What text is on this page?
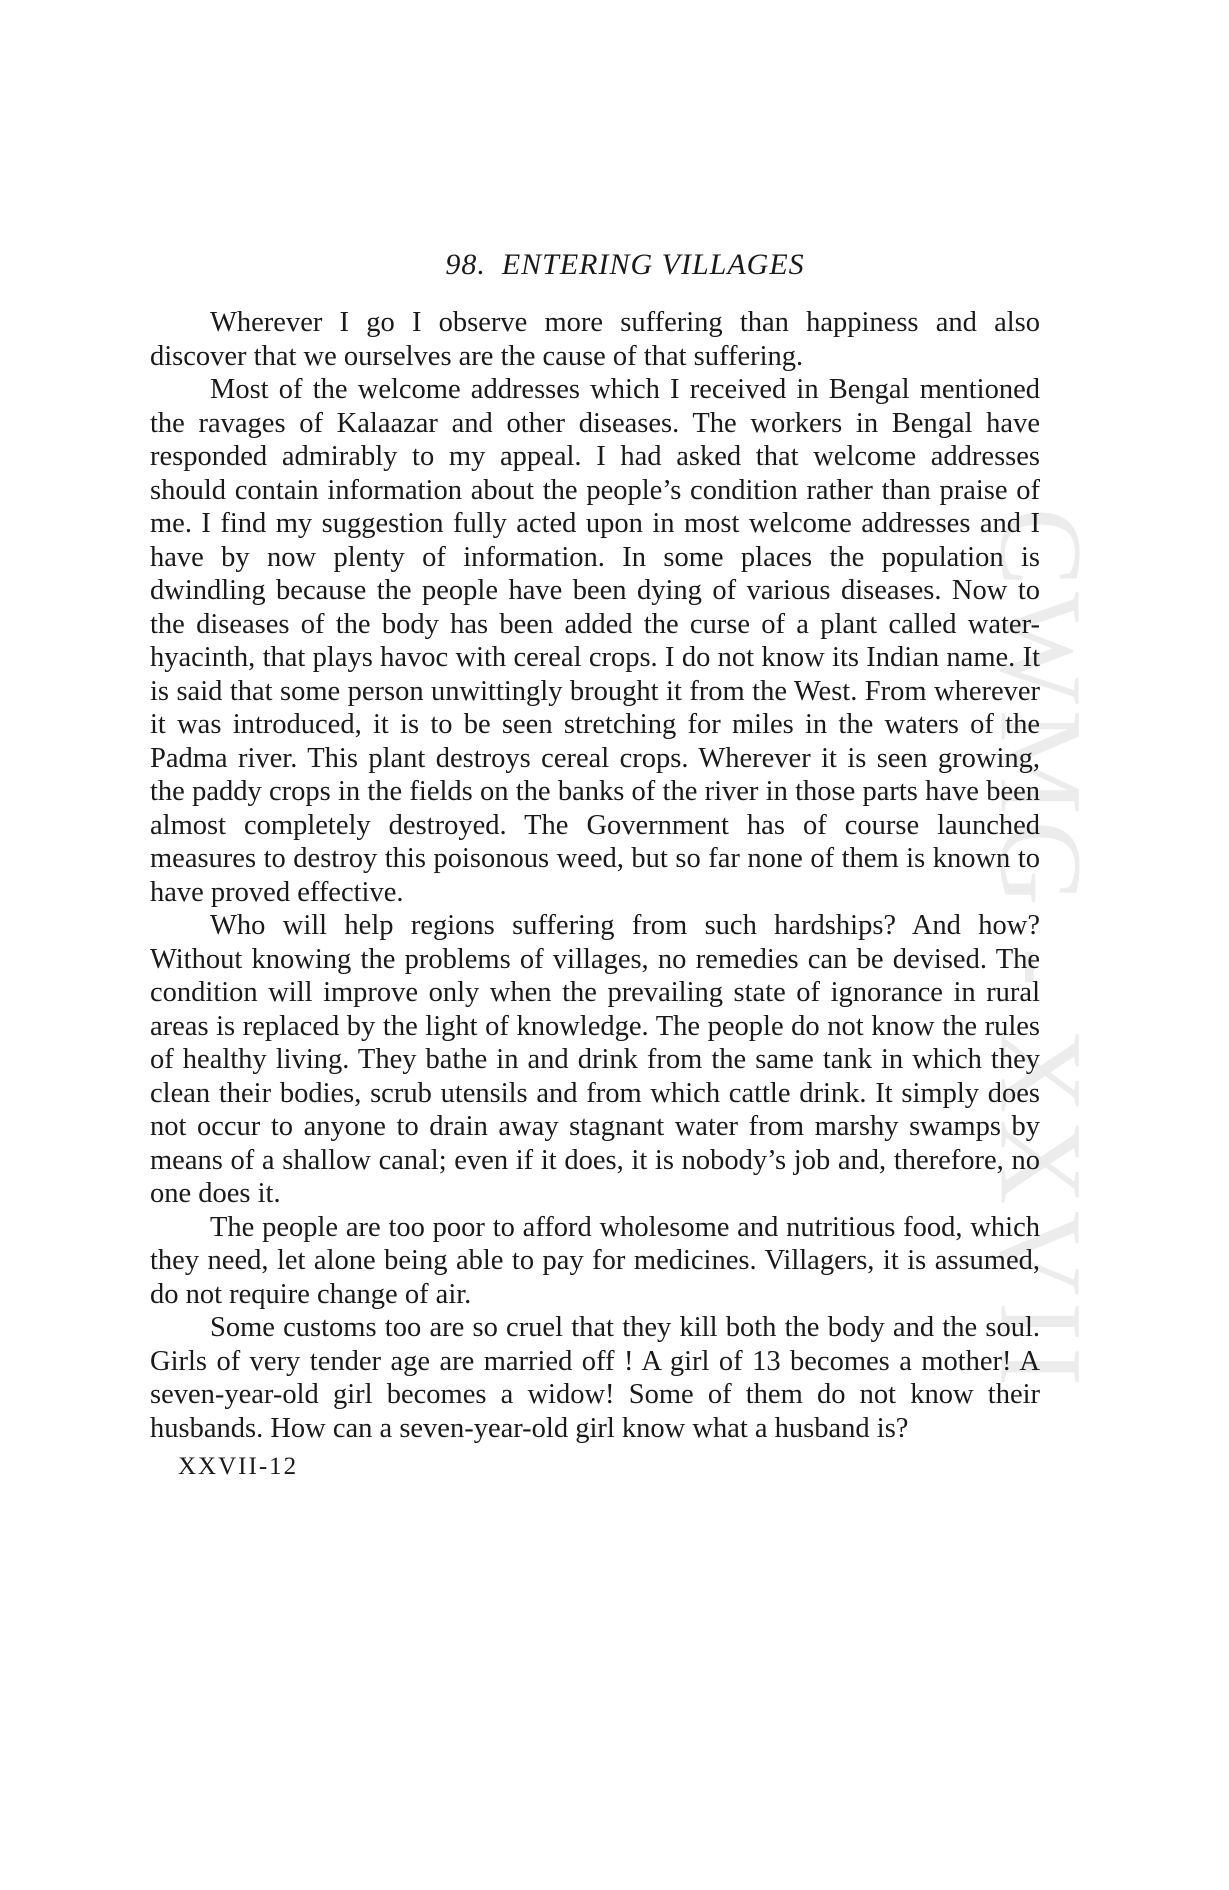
CWMG - XXVII
98. ENTERING VILLAGES

Wherever I go I observe more suffering than happiness and also discover that we ourselves are the cause of that suffering.

Most of the welcome addresses which I received in Bengal mentioned the ravages of Kalaazar and other diseases. The workers in Bengal have responded admirably to my appeal. I had asked that welcome addresses should contain information about the people’s condition rather than praise of me. I find my suggestion fully acted upon in most welcome addresses and I have by now plenty of information. In some places the population is dwindling because the people have been dying of various diseases. Now to the diseases of the body has been added the curse of a plant called water-hyacinth, that plays havoc with cereal crops. I do not know its Indian name. It is said that some person unwittingly brought it from the West. From wherever it was introduced, it is to be seen stretching for miles in the waters of the Padma river. This plant destroys cereal crops. Wherever it is seen growing, the paddy crops in the fields on the banks of the river in those parts have been almost completely destroyed. The Government has of course launched measures to destroy this poisonous weed, but so far none of them is known to have proved effective.

Who will help regions suffering from such hardships? And how? Without knowing the problems of villages, no remedies can be devised. The condition will improve only when the prevailing state of ignorance in rural areas is replaced by the light of knowledge. The people do not know the rules of healthy living. They bathe in and drink from the same tank in which they clean their bodies, scrub utensils and from which cattle drink. It simply does not occur to anyone to drain away stagnant water from marshy swamps by means of a shallow canal; even if it does, it is nobody’s job and, therefore, no one does it.

The people are too poor to afford wholesome and nutritious food, which they need, let alone being able to pay for medicines. Villagers, it is assumed, do not require change of air.

Some customs too are so cruel that they kill both the body and the soul. Girls of very tender age are married off ! A girl of 13 becomes a mother! A seven-year-old girl becomes a widow! Some of them do not know their husbands. How can a seven-year-old girl know what a husband is?

XXVII-12
